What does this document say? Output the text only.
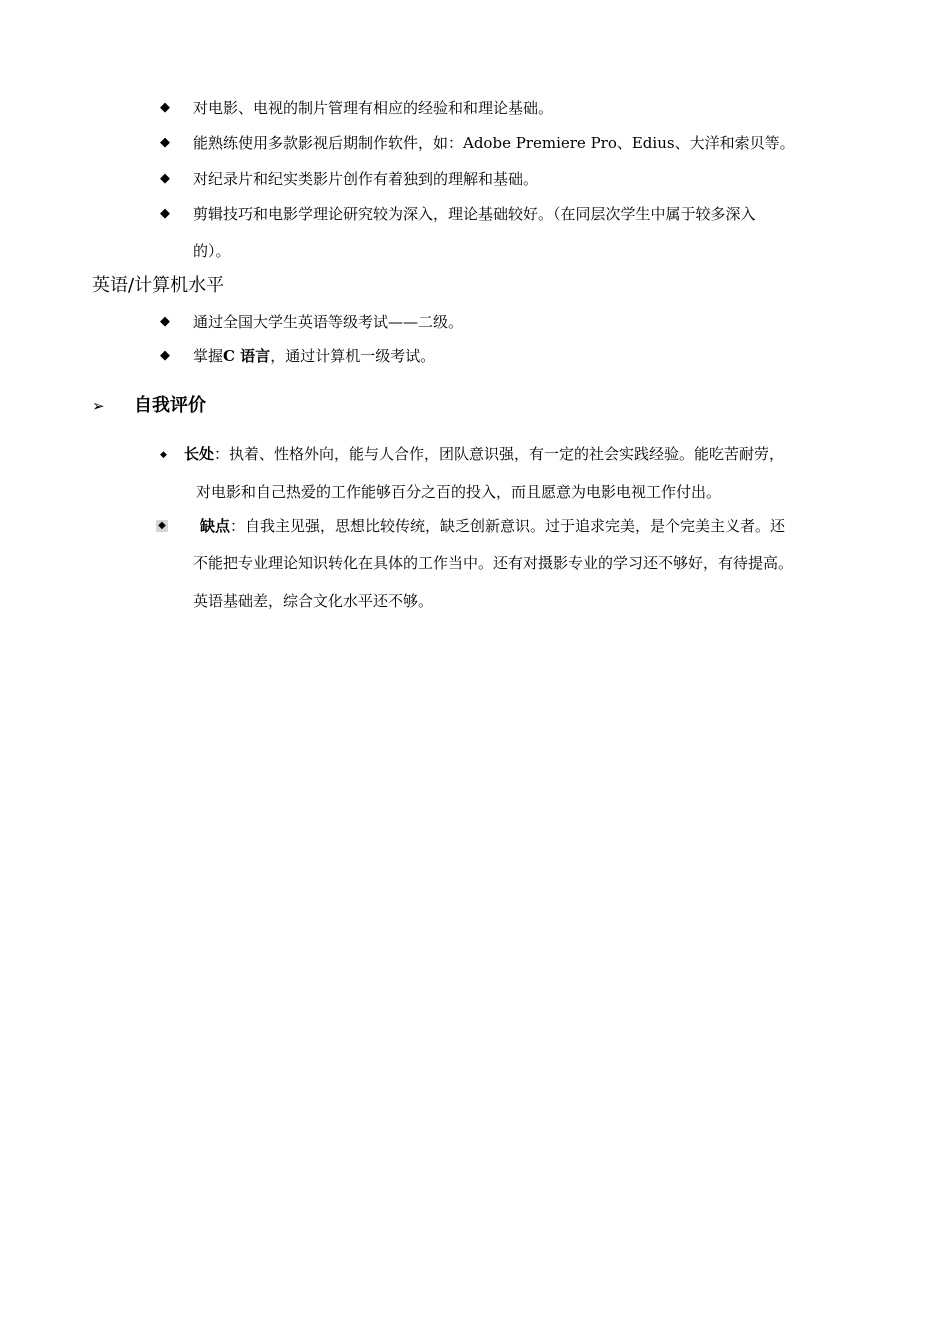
◆ 对电影、电视的制片管理有相应的经验和和理论基础。
◆ 能熟练使用多款影视后期制作软件，如：Adobe Premiere Pro、Edius、大洋和索贝等。
◆ 对纪录片和纪实类影片创作有着独到的理解和基础。
◆ 剪辑技巧和电影学理论研究较为深入，理论基础较好。（在同层次学生中属于较多深入
的）。
英语/计算机水平
◆ 通过全国大学生英语等级考试——二级。
◆ 掌握C 语言，通过计算机一级考试。
➢ 自我评价
◆ 长处：执着、性格外向，能与人合作，团队意识强，有一定的社会实践经验。能吃苦耐劳，
对电影和自己热爱的工作能够百分之百的投入，而且愿意为电影电视工作付出。
◆ 缺点：自我主见强，思想比较传统，缺乏创新意识。过于追求完美，是个完美主义者。还
不能把专业理论知识转化在具体的工作当中。还有对摄影专业的学习还不够好，有待提高。
英语基础差，综合文化水平还不够。
